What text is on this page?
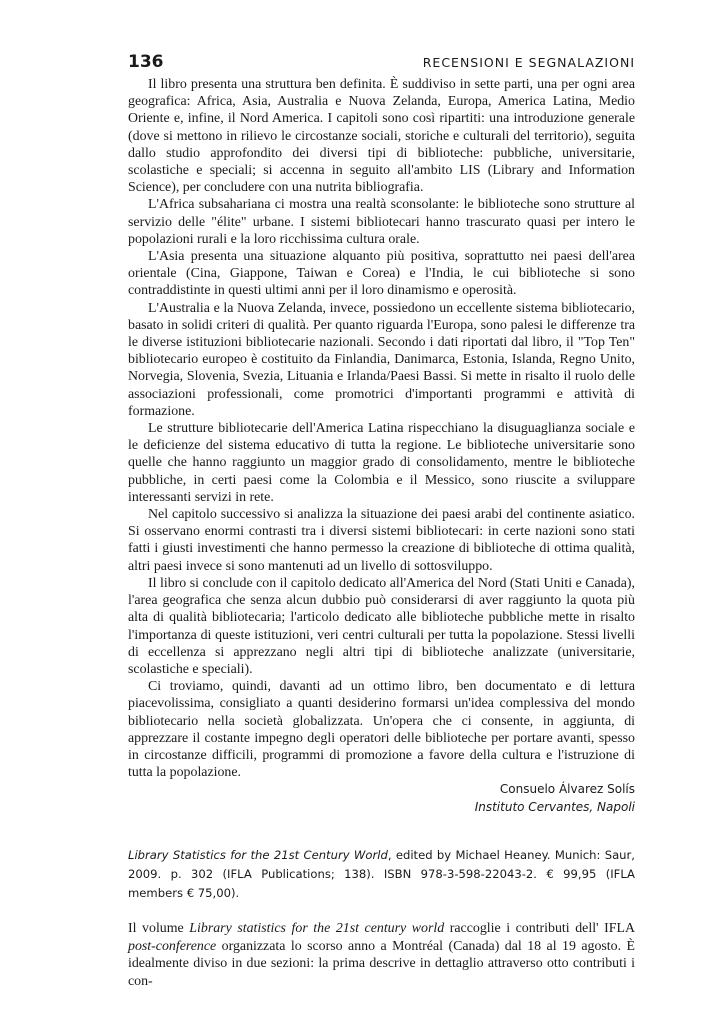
136	RECENSIONI E SEGNALAZIONI

Il libro presenta una struttura ben definita. È suddiviso in sette parti, una per ogni area geografica: Africa, Asia, Australia e Nuova Zelanda, Europa, America Latina, Medio Oriente e, infine, il Nord America. I capitoli sono così ripartiti: una introduzione generale (dove si mettono in rilievo le circostanze sociali, storiche e culturali del territorio), seguita dallo studio approfondito dei diversi tipi di biblioteche: pubbliche, universitarie, scolastiche e speciali; si accenna in seguito all'ambito LIS (Library and Information Science), per concludere con una nutrita bibliografia.

L'Africa subsahariana ci mostra una realtà sconsolante: le biblioteche sono strutture al servizio delle "élite" urbane. I sistemi bibliotecari hanno trascurato quasi per intero le popolazioni rurali e la loro ricchissima cultura orale.

L'Asia presenta una situazione alquanto più positiva, soprattutto nei paesi dell'area orientale (Cina, Giappone, Taiwan e Corea) e l'India, le cui biblioteche si sono contraddistinte in questi ultimi anni per il loro dinamismo e operosità.

L'Australia e la Nuova Zelanda, invece, possiedono un eccellente sistema bibliotecario, basato in solidi criteri di qualità. Per quanto riguarda l'Europa, sono palesi le differenze tra le diverse istituzioni bibliotecarie nazionali. Secondo i dati riportati dal libro, il "Top Ten" bibliotecario europeo è costituito da Finlandia, Danimarca, Estonia, Islanda, Regno Unito, Norvegia, Slovenia, Svezia, Lituania e Irlanda/Paesi Bassi. Si mette in risalto il ruolo delle associazioni professionali, come promotrici d'importanti programmi e attività di formazione.

Le strutture bibliotecarie dell'America Latina rispecchiano la disuguaglianza sociale e le deficienze del sistema educativo di tutta la regione. Le biblioteche universitarie sono quelle che hanno raggiunto un maggior grado di consolidamento, mentre le biblioteche pubbliche, in certi paesi come la Colombia e il Messico, sono riuscite a sviluppare interessanti servizi in rete.

Nel capitolo successivo si analizza la situazione dei paesi arabi del continente asiatico. Si osservano enormi contrasti tra i diversi sistemi bibliotecari: in certe nazioni sono stati fatti i giusti investimenti che hanno permesso la creazione di biblioteche di ottima qualità, altri paesi invece si sono mantenuti ad un livello di sottosviluppo.

Il libro si conclude con il capitolo dedicato all'America del Nord (Stati Uniti e Canada), l'area geografica che senza alcun dubbio può considerarsi di aver raggiunto la quota più alta di qualità bibliotecaria; l'articolo dedicato alle biblioteche pubbliche mette in risalto l'importanza di queste istituzioni, veri centri culturali per tutta la popolazione. Stessi livelli di eccellenza si apprezzano negli altri tipi di biblioteche analizzate (universitarie, scolastiche e speciali).

Ci troviamo, quindi, davanti ad un ottimo libro, ben documentato e di lettura piacevolissima, consigliato a quanti desiderino formarsi un'idea complessiva del mondo bibliotecario nella società globalizzata. Un'opera che ci consente, in aggiunta, di apprezzare il costante impegno degli operatori delle biblioteche per portare avanti, spesso in circostanze difficili, programmi di promozione a favore della cultura e l'istruzione di tutta la popolazione.

Consuelo Álvarez Solís
Instituto Cervantes, Napoli
Library Statistics for the 21st Century World, edited by Michael Heaney. Munich: Saur, 2009. p. 302 (IFLA Publications; 138). ISBN 978-3-598-22043-2. € 99,95 (IFLA members € 75,00).
Il volume Library statistics for the 21st century world raccoglie i contributi dell' IFLA post-conference organizzata lo scorso anno a Montréal (Canada) dal 18 al 19 agosto. È idealmente diviso in due sezioni: la prima descrive in dettaglio attraverso otto contributi i con-
